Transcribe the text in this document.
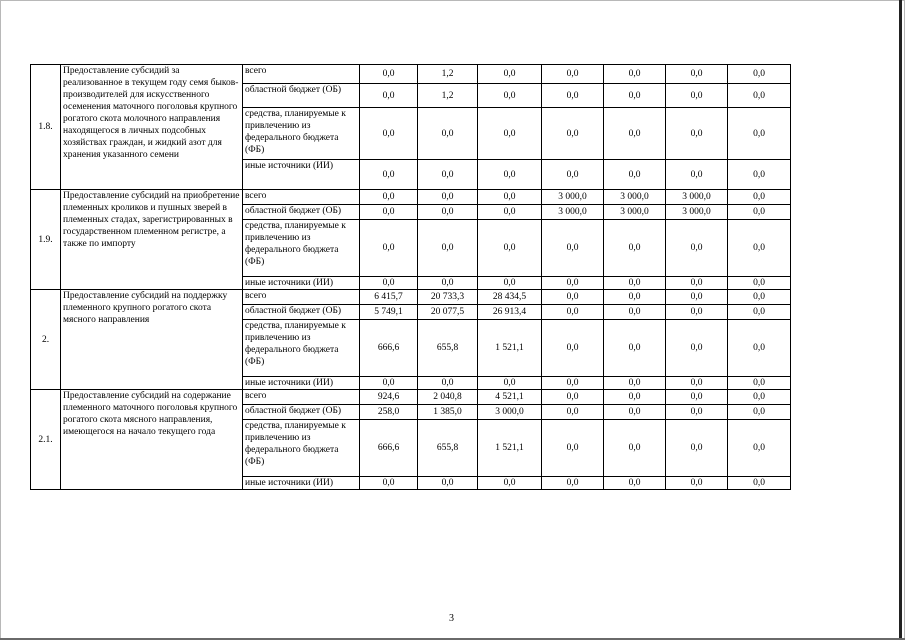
1.8.	Предоставление субсидий за реализованное в текущем году семя быков-производителей для искусственного осеменения маточного поголовья крупного рогатого скота молочного направления находящегося в личных подсобных хозяйствах граждан, и жидкий азот для хранения указанного семени	всего	0,0	1,2	0,0	0,0	0,0	0,0	0,0
		областной бюджет (ОБ)	0,0	1,2	0,0	0,0	0,0	0,0	0,0
		средства, планируемые к привлечению из федерального бюджета (ФБ)	0,0	0,0	0,0	0,0	0,0	0,0	0,0
		иные источники (ИИ)	0,0	0,0	0,0	0,0	0,0	0,0	0,0
1.9.	Предоставление субсидий на приобретение племенных кроликов и пушных зверей в племенных стадах, зарегистрированных в государственном племенном регистре, а также по импорту	всего	0,0	0,0	0,0	3 000,0	3 000,0	3 000,0	0,0
		областной бюджет (ОБ)	0,0	0,0	0,0	3 000,0	3 000,0	3 000,0	0,0
		средства, планируемые к привлечению из федерального бюджета (ФБ)	0,0	0,0	0,0	0,0	0,0	0,0	0,0
		иные источники (ИИ)	0,0	0,0	0,0	0,0	0,0	0,0	0,0
2.	Предоставление субсидий на поддержку племенного крупного рогатого скота мясного направления	всего	6 415,7	20 733,3	28 434,5	0,0	0,0	0,0	0,0
		областной бюджет (ОБ)	5 749,1	20 077,5	26 913,4	0,0	0,0	0,0	0,0
		средства, планируемые к привлечению из федерального бюджета (ФБ)	666,6	655,8	1 521,1	0,0	0,0	0,0	0,0
		иные источники (ИИ)	0,0	0,0	0,0	0,0	0,0	0,0	0,0
2.1.	Предоставление субсидий на содержание племенного маточного поголовья крупного рогатого скота мясного направления, имеющегося на начало текущего года	всего	924,6	2 040,8	4 521,1	0,0	0,0	0,0	0,0
		областной бюджет (ОБ)	258,0	1 385,0	3 000,0	0,0	0,0	0,0	0,0
		средства, планируемые к привлечению из федерального бюджета (ФБ)	666,6	655,8	1 521,1	0,0	0,0	0,0	0,0
		иные источники (ИИ)	0,0	0,0	0,0	0,0	0,0	0,0	0,0
3
